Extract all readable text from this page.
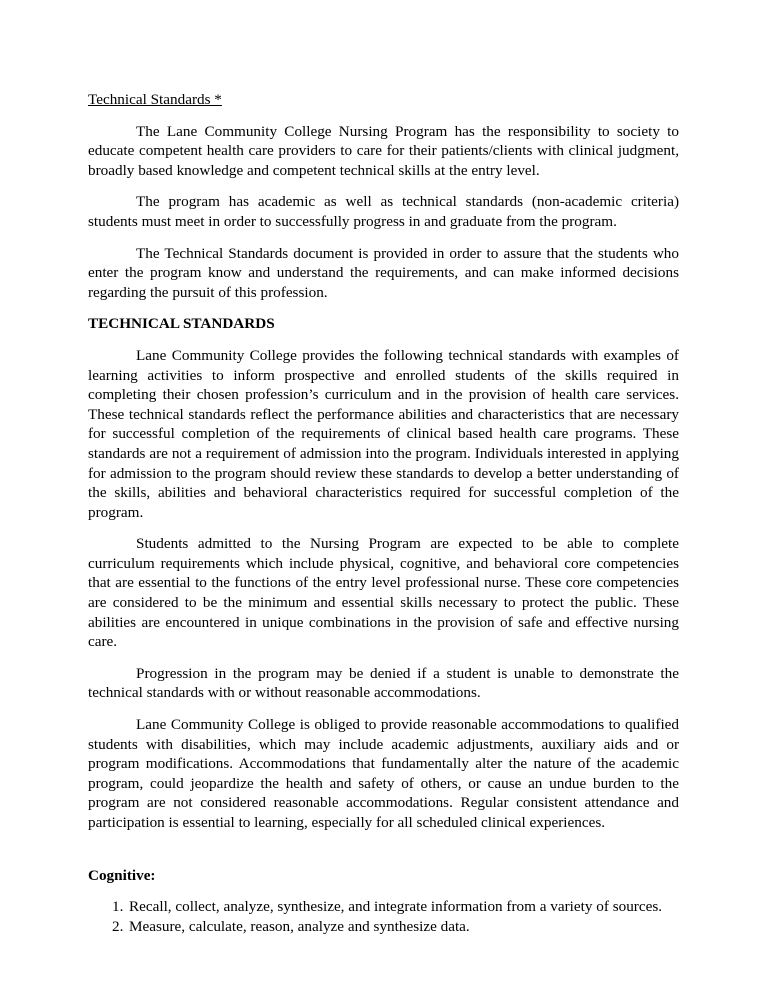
Technical Standards *

The Lane Community College Nursing Program has the responsibility to society to educate competent health care providers to care for their patients/clients with clinical judgment, broadly based knowledge and competent technical skills at the entry level.

The program has academic as well as technical standards (non-academic criteria) students must meet in order to successfully progress in and graduate from the program.

The Technical Standards document is provided in order to assure that the students who enter the program know and understand the requirements, and can make informed decisions regarding the pursuit of this profession.

TECHNICAL STANDARDS

Lane Community College provides the following technical standards with examples of learning activities to inform prospective and enrolled students of the skills required in completing their chosen profession’s curriculum and in the provision of health care services. These technical standards reflect the performance abilities and characteristics that are necessary for successful completion of the requirements of clinical based health care programs. These standards are not a requirement of admission into the program. Individuals interested in applying for admission to the program should review these standards to develop a better understanding of the skills, abilities and behavioral characteristics required for successful completion of the program.

Students admitted to the Nursing Program are expected to be able to complete curriculum requirements which include physical, cognitive, and behavioral core competencies that are essential to the functions of the entry level professional nurse. These core competencies are considered to be the minimum and essential skills necessary to protect the public. These abilities are encountered in unique combinations in the provision of safe and effective nursing care.

Progression in the program may be denied if a student is unable to demonstrate the technical standards with or without reasonable accommodations.

Lane Community College is obliged to provide reasonable accommodations to qualified students with disabilities, which may include academic adjustments, auxiliary aids and or program modifications. Accommodations that fundamentally alter the nature of the academic program, could jeopardize the health and safety of others, or cause an undue burden to the program are not considered reasonable accommodations. Regular consistent attendance and participation is essential to learning, especially for all scheduled clinical experiences.

Cognitive:

1. Recall, collect, analyze, synthesize, and integrate information from a variety of sources.
2. Measure, calculate, reason, analyze and synthesize data.
